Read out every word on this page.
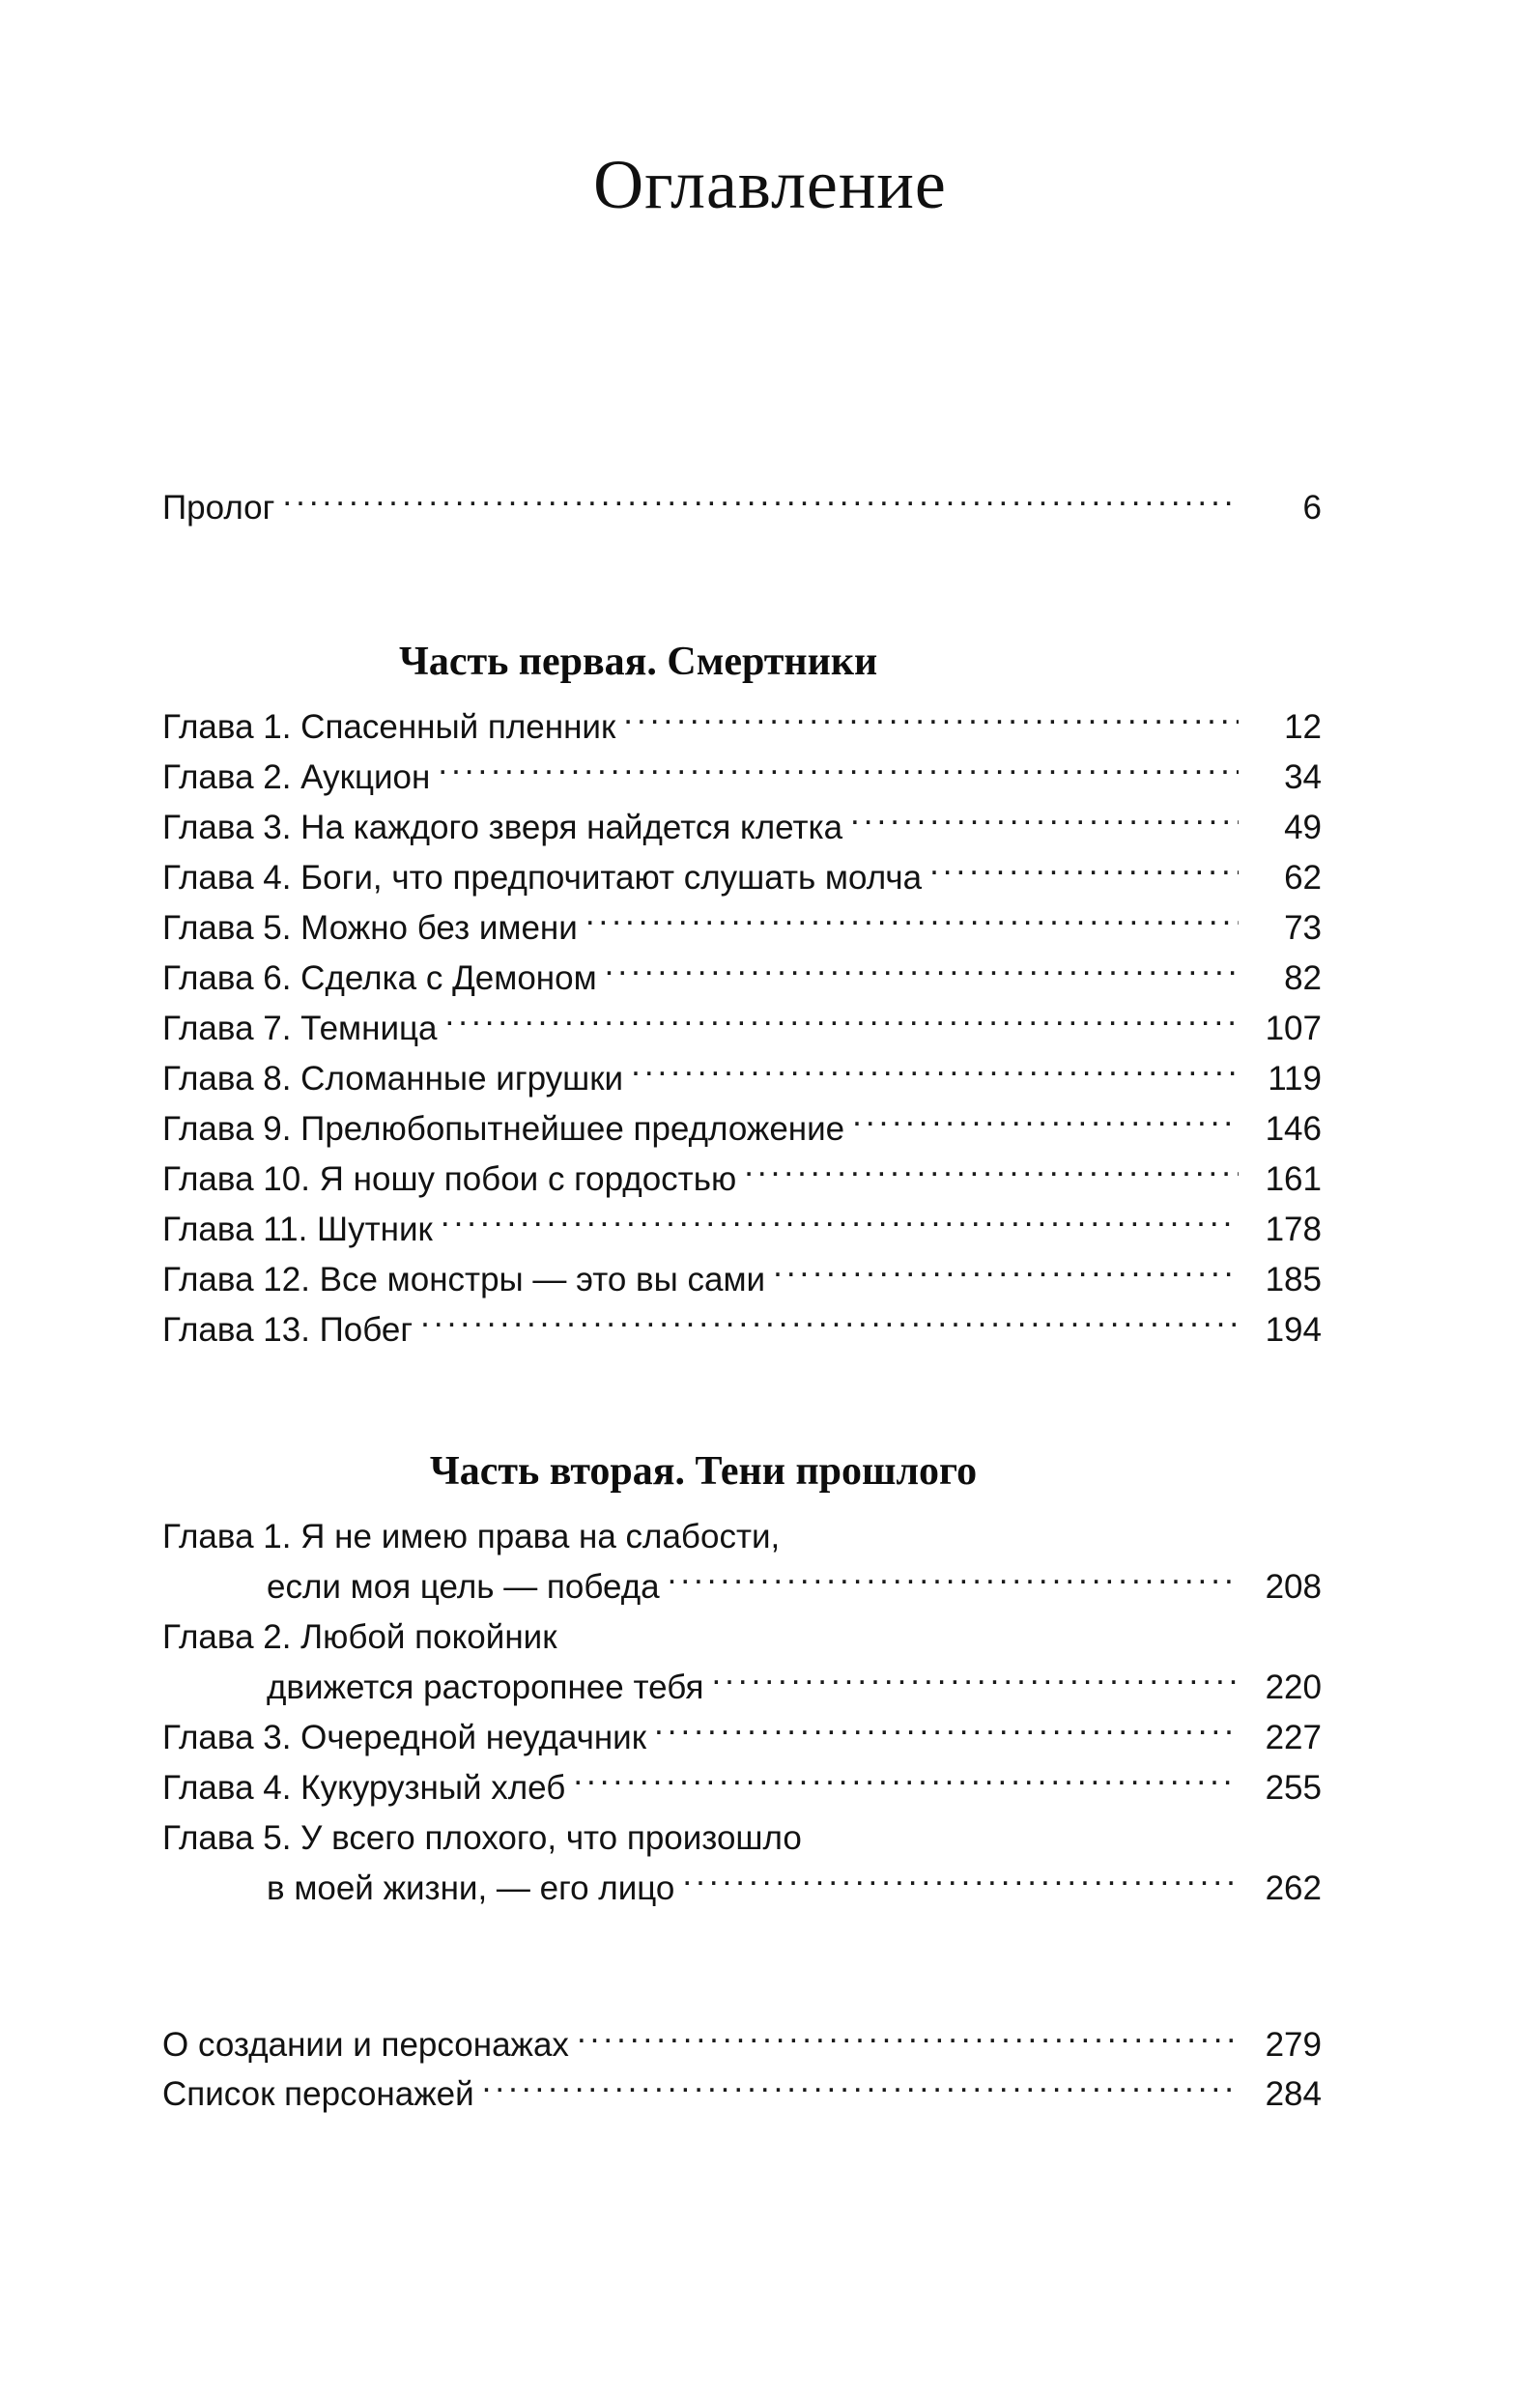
Оглавление
Пролог .....	6
Часть первая. Смертники
Глава 1. Спасенный пленник .....	12
Глава 2. Аукцион .....	34
Глава 3. На каждого зверя найдется клетка .....	49
Глава 4. Боги, что предпочитают слушать молча .....	62
Глава 5. Можно без имени .....	73
Глава 6. Сделка с Демоном .....	82
Глава 7. Темница .....	107
Глава 8. Сломанные игрушки .....	119
Глава 9. Прелюбопытнейшее предложение .....	146
Глава 10. Я ношу побои с гордостью .....	161
Глава 11. Шутник .....	178
Глава 12. Все монстры — это вы сами .....	185
Глава 13. Побег .....	194
Часть вторая. Тени прошлого
Глава 1. Я не имею права на слабости,
если моя цель — победа .....	208
Глава 2. Любой покойник
движется расторопнее тебя .....	220
Глава 3. Очередной неудачник .....	227
Глава 4. Кукурузный хлеб .....	255
Глава 5. У всего плохого, что произошло
в моей жизни, — его лицо .....	262
О создании и персонажах .....	279
Список персонажей .....	284
